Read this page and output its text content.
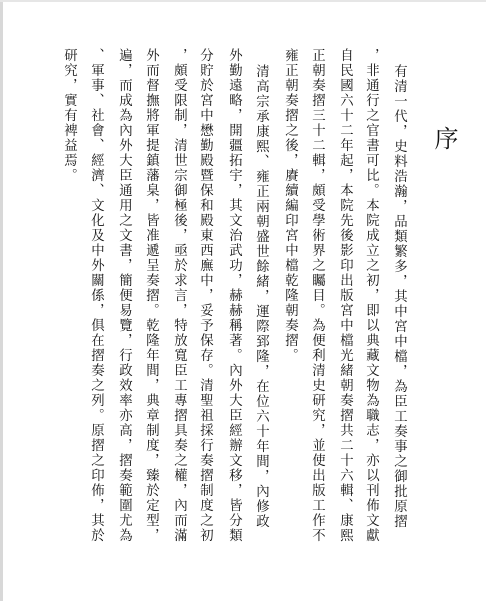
序
有清一代，史料浩瀚，品類繁多，其中宮中檔，為臣工奏事之御批原摺
，非通行之官書可比。本院成立之初，即以典藏文物為職志，亦以刊佈文獻
自民國六十二年起，本院先後影印出版宮中檔光緒朝奏摺共二十六輯、康熙
正朝奏摺三十二輯，頗受學術界之矚目。為便利清史研究，並使出版工作不
雍正朝奏摺之後，賡續編印宮中檔乾隆朝奏摺。
清高宗承康熙、雍正兩朝盛世餘緒，運際郅隆，在位六十年間，內修政
外勤遠略，開疆拓宇，其文治武功，赫赫稱著。內外大臣經辦文移，皆分類
分貯於宮中懋勤殿暨保和殿東西廡中，妥予保存。清聖祖採行奏摺制度之初
，頗受限制，清世宗御極後，亟於求言，特放寬臣工專摺具奏之權，內而滿
外而督撫將軍提鎮藩臬，皆准遞呈奏摺。乾隆年間，典章制度，臻於定型，
遍，而成為內外大臣通用之文書，簡便易覽，行政效率亦高，摺奏範圍尤為
、軍事、社會、經濟、文化及中外關係，俱在摺奏之列。原摺之印佈，其於
研究，實有裨益焉。
